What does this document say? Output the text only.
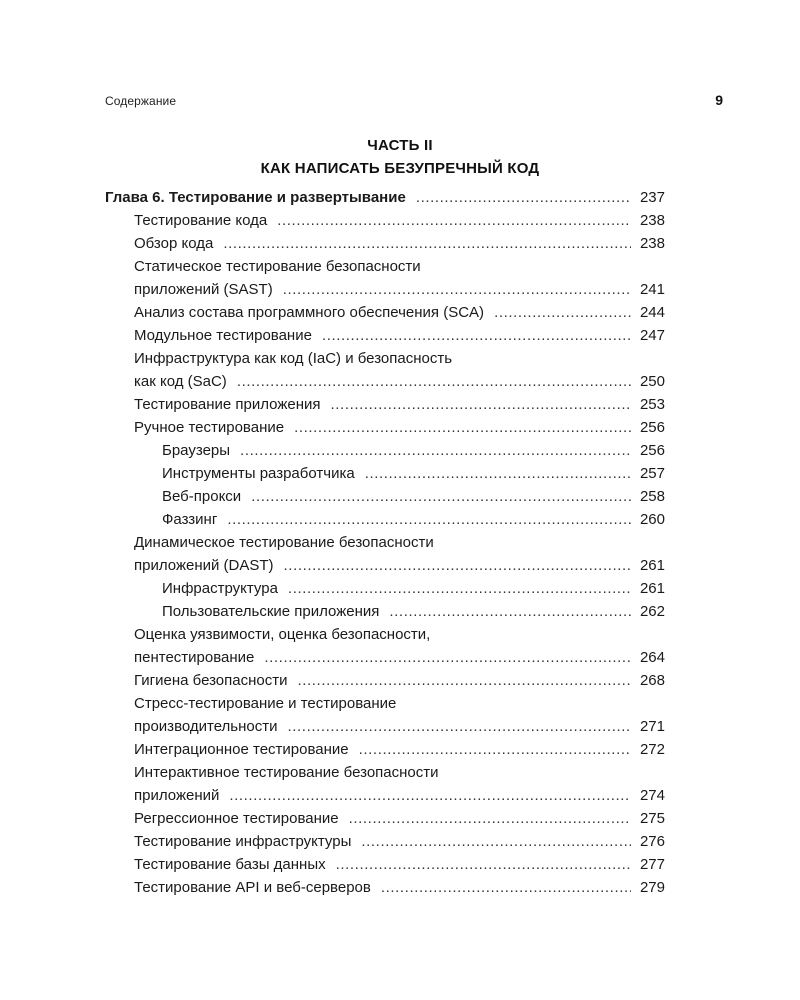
Содержание	9
ЧАСТЬ II
КАК НАПИСАТЬ БЕЗУПРЕЧНЫЙ КОД
Глава 6. Тестирование и развертывание .....	237
Тестирование кода .....	238
Обзор кода .....	238
Статическое тестирование безопасности
приложений (SAST) .....	241
Анализ состава программного обеспечения (SCA) .....	244
Модульное тестирование .....	247
Инфраструктура как код (IaC) и безопасность
как код (SaC) .....	250
Тестирование приложения .....	253
Ручное тестирование .....	256
Браузеры .....	256
Инструменты разработчика .....	257
Веб-прокси .....	258
Фаззинг .....	260
Динамическое тестирование безопасности
приложений (DAST) .....	261
Инфраструктура .....	261
Пользовательские приложения .....	262
Оценка уязвимости, оценка безопасности,
пентестирование .....	264
Гигиена безопасности .....	268
Стресс-тестирование и тестирование
производительности .....	271
Интеграционное тестирование .....	272
Интерактивное тестирование безопасности
приложений .....	274
Регрессионное тестирование .....	275
Тестирование инфраструктуры .....	276
Тестирование базы данных .....	277
Тестирование API и веб-серверов .....	279
